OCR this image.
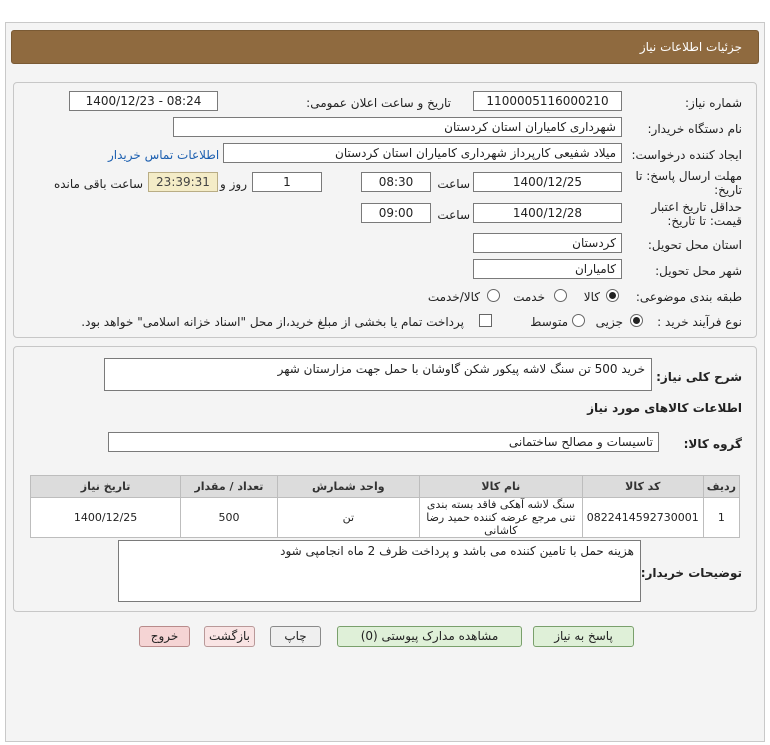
جزئیات اطلاعات نیاز
شماره نیاز:
1100005116000210
تاریخ و ساعت اعلان عمومی:
1400/12/23 - 08:24
نام دستگاه خریدار:
شهرداری کامیاران استان کردستان
ایجاد کننده درخواست:
میلاد شفیعی کارپرداز شهرداری کامیاران استان کردستان
اطلاعات تماس خریدار
مهلت ارسال پاسخ: تا
تاریخ:
1400/12/25
ساعت
08:30
1
روز و
23:39:31
ساعت باقی مانده
حداقل تاریخ اعتبار
قیمت: تا تاریخ:
1400/12/28
ساعت
09:00
استان محل تحویل:
کردستان
شهر محل تحویل:
کامیاران
طبقه بندی موضوعی:
کالا
خدمت
کالا/خدمت
نوع فرآیند خرید :
جزیی
متوسط
پرداخت تمام یا بخشی از مبلغ خرید،از محل "اسناد خزانه اسلامی" خواهد بود.
شرح کلی نیاز:
خرید 500 تن سنگ لاشه پیکور شکن گاوشان با حمل جهت مزارستان شهر
اطلاعات کالاهای مورد نیاز
گروه کالا:
تاسیسات و مصالح ساختمانی
ردیف	کد کالا	نام کالا	واحد شمارش	تعداد / مقدار	تاریخ نیاز
1	0822414592730001	سنگ لاشه آهکی فاقد بسته بندی تنی مرجع عرضه کننده حمید رضا کاشانی	تن	500	1400/12/25
توضیحات خریدار:
هزینه حمل با تامین کننده می باشد و پرداخت ظرف 2 ماه انجامپی شود
پاسخ به نیاز
مشاهده مدارک پیوستی (0)
چاپ
بازگشت
خروج
